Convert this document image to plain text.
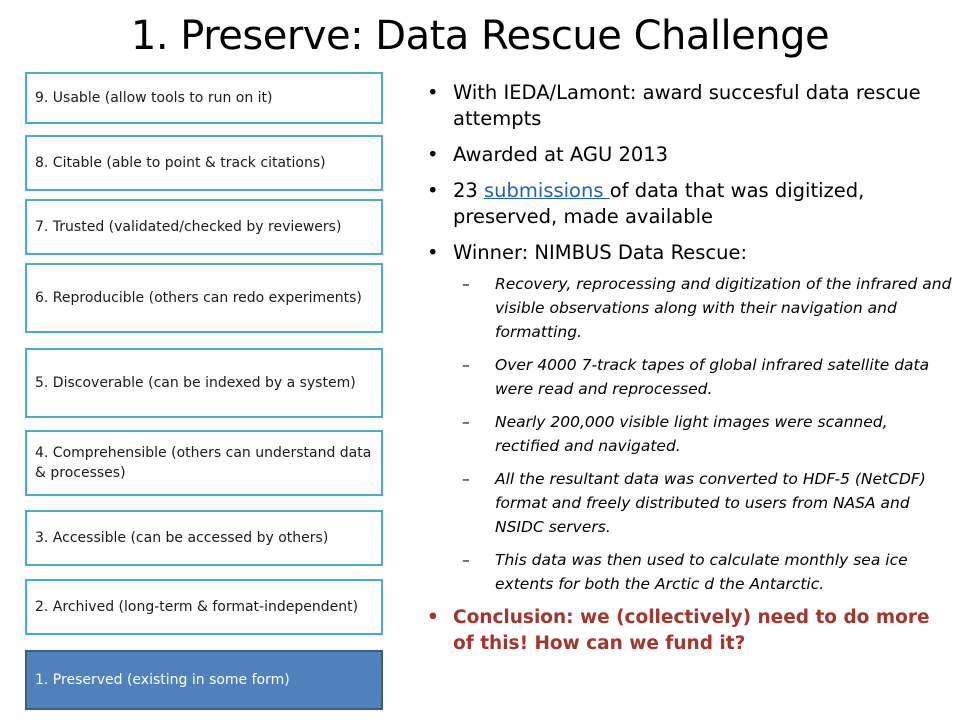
1. Preserve: Data Rescue Challenge
9. Usable (allow tools to run on it)
8. Citable (able to point & track citations)
7. Trusted (validated/checked by reviewers)
6. Reproducible (others can redo experiments)
5. Discoverable (can be indexed by a system)
4. Comprehensible (others can understand data & processes)
3. Accessible (can be accessed by others)
2. Archived (long-term & format-independent)
1. Preserved (existing in some form)
• With IEDA/Lamont: award succesful data rescue attempts
• Awarded at AGU 2013
• 23 submissions of data that was digitized, preserved, made available
• Winner: NIMBUS Data Rescue:
– Recovery, reprocessing and digitization of the infrared and visible observations along with their navigation and formatting.
– Over 4000 7-track tapes of global infrared satellite data were read and reprocessed.
– Nearly 200,000 visible light images were scanned, rectified and navigated.
– All the resultant data was converted to HDF-5 (NetCDF) format and freely distributed to users from NASA and NSIDC servers.
– This data was then used to calculate monthly sea ice extents for both the Arctic d the Antarctic.
• Conclusion: we (collectively) need to do more of this! How can we fund it?
